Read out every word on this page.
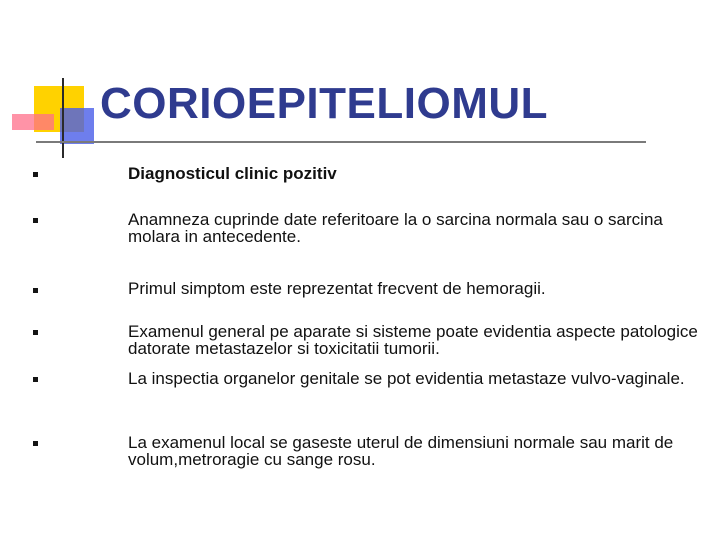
CORIOEPITELIOMUL

Diagnosticul clinic pozitiv

Anamneza cuprinde date referitoare la o sarcina normala sau o sarcina molara in antecedente.

Primul simptom este reprezentat frecvent de hemoragii.

Examenul general pe aparate si sisteme poate evidentia aspecte patologice datorate metastazelor si toxicitatii tumorii.

La inspectia organelor genitale se pot evidentia metastaze vulvo-vaginale.

La examenul local se gaseste uterul de dimensiuni normale sau marit de volum,metroragie cu sange rosu.
